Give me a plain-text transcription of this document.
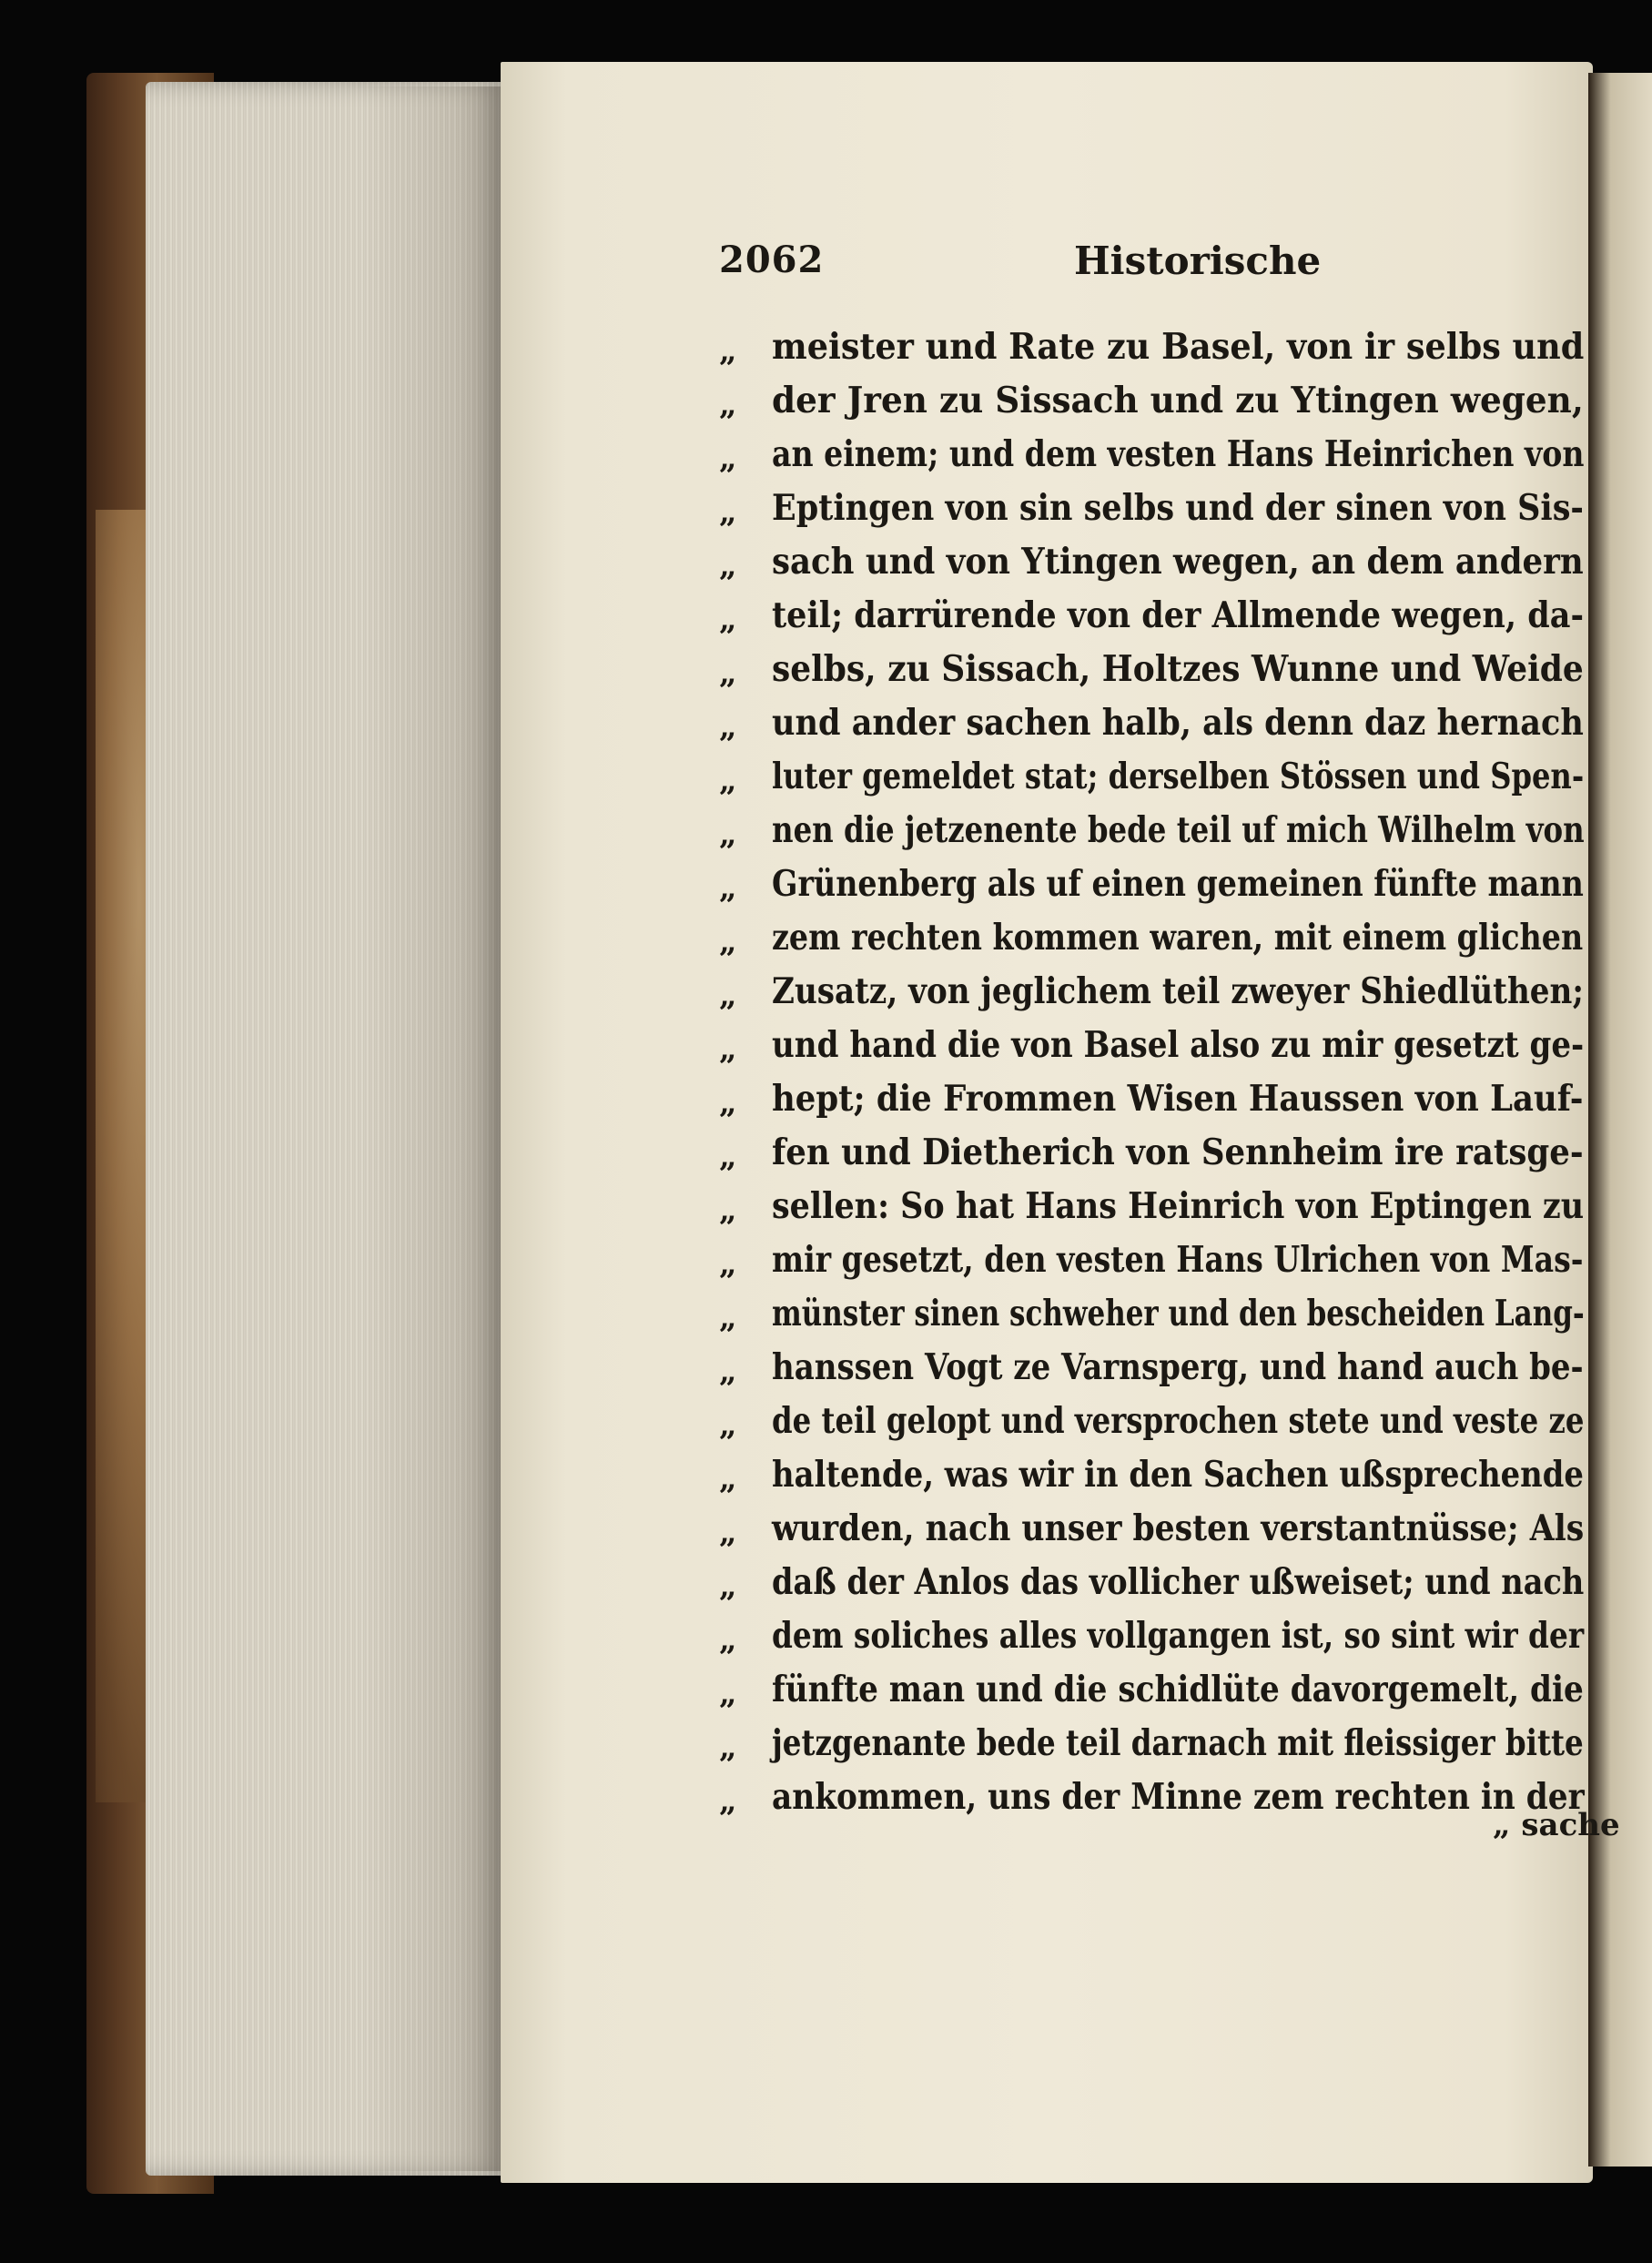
2062	Historische
„ meister und Rate zu Basel, von ir selbs und
„ der Jren zu Sissach und zu Ytingen wegen,
„ an einem; und dem vesten Hans Heinrichen von
„ Eptingen von sin selbs und der sinen von Sis-
„ sach und von Ytingen wegen, an dem andern
„ teil; darrürende von der Allmende wegen, da-
„ selbs, zu Sissach, Holtzes Wunne und Weide
„ und ander sachen halb, als denn daz hernach
„ luter gemeldet stat; derselben Stössen und Spen-
„ nen die jetzenente bede teil uf mich Wilhelm von
„ Grünenberg als uf einen gemeinen fünfte mann
„ zem rechten kommen waren, mit einem glichen
„ Zusatz, von jeglichem teil zweyer Shiedlüthen;
„ und hand die von Basel also zu mir gesetzt ge-
„ hept; die Frommen Wisen Haussen von Lauf-
„ fen und Dietherich von Sennheim ire ratsge-
„ sellen: So hat Hans Heinrich von Eptingen zu
„ mir gesetzt, den vesten Hans Ulrichen von Mas-
„ münster sinen schweher und den bescheiden Lang-
„ hanssen Vogt ze Varnsperg, und hand auch be-
„ de teil gelopt und versprochen stete und veste ze
„ haltende, was wir in den Sachen ußsprechende
„ wurden, nach unser besten verstantnüsse; Als
„ daß der Anlos das vollicher ußweiset; und nach
„ dem soliches alles vollgangen ist, so sint wir der
„ fünfte man und die schidlüte davorgemelt, die
„ jetzgenante bede teil darnach mit fleissiger bitte
„ ankommen, uns der Minne zem rechten in der
„ sache
